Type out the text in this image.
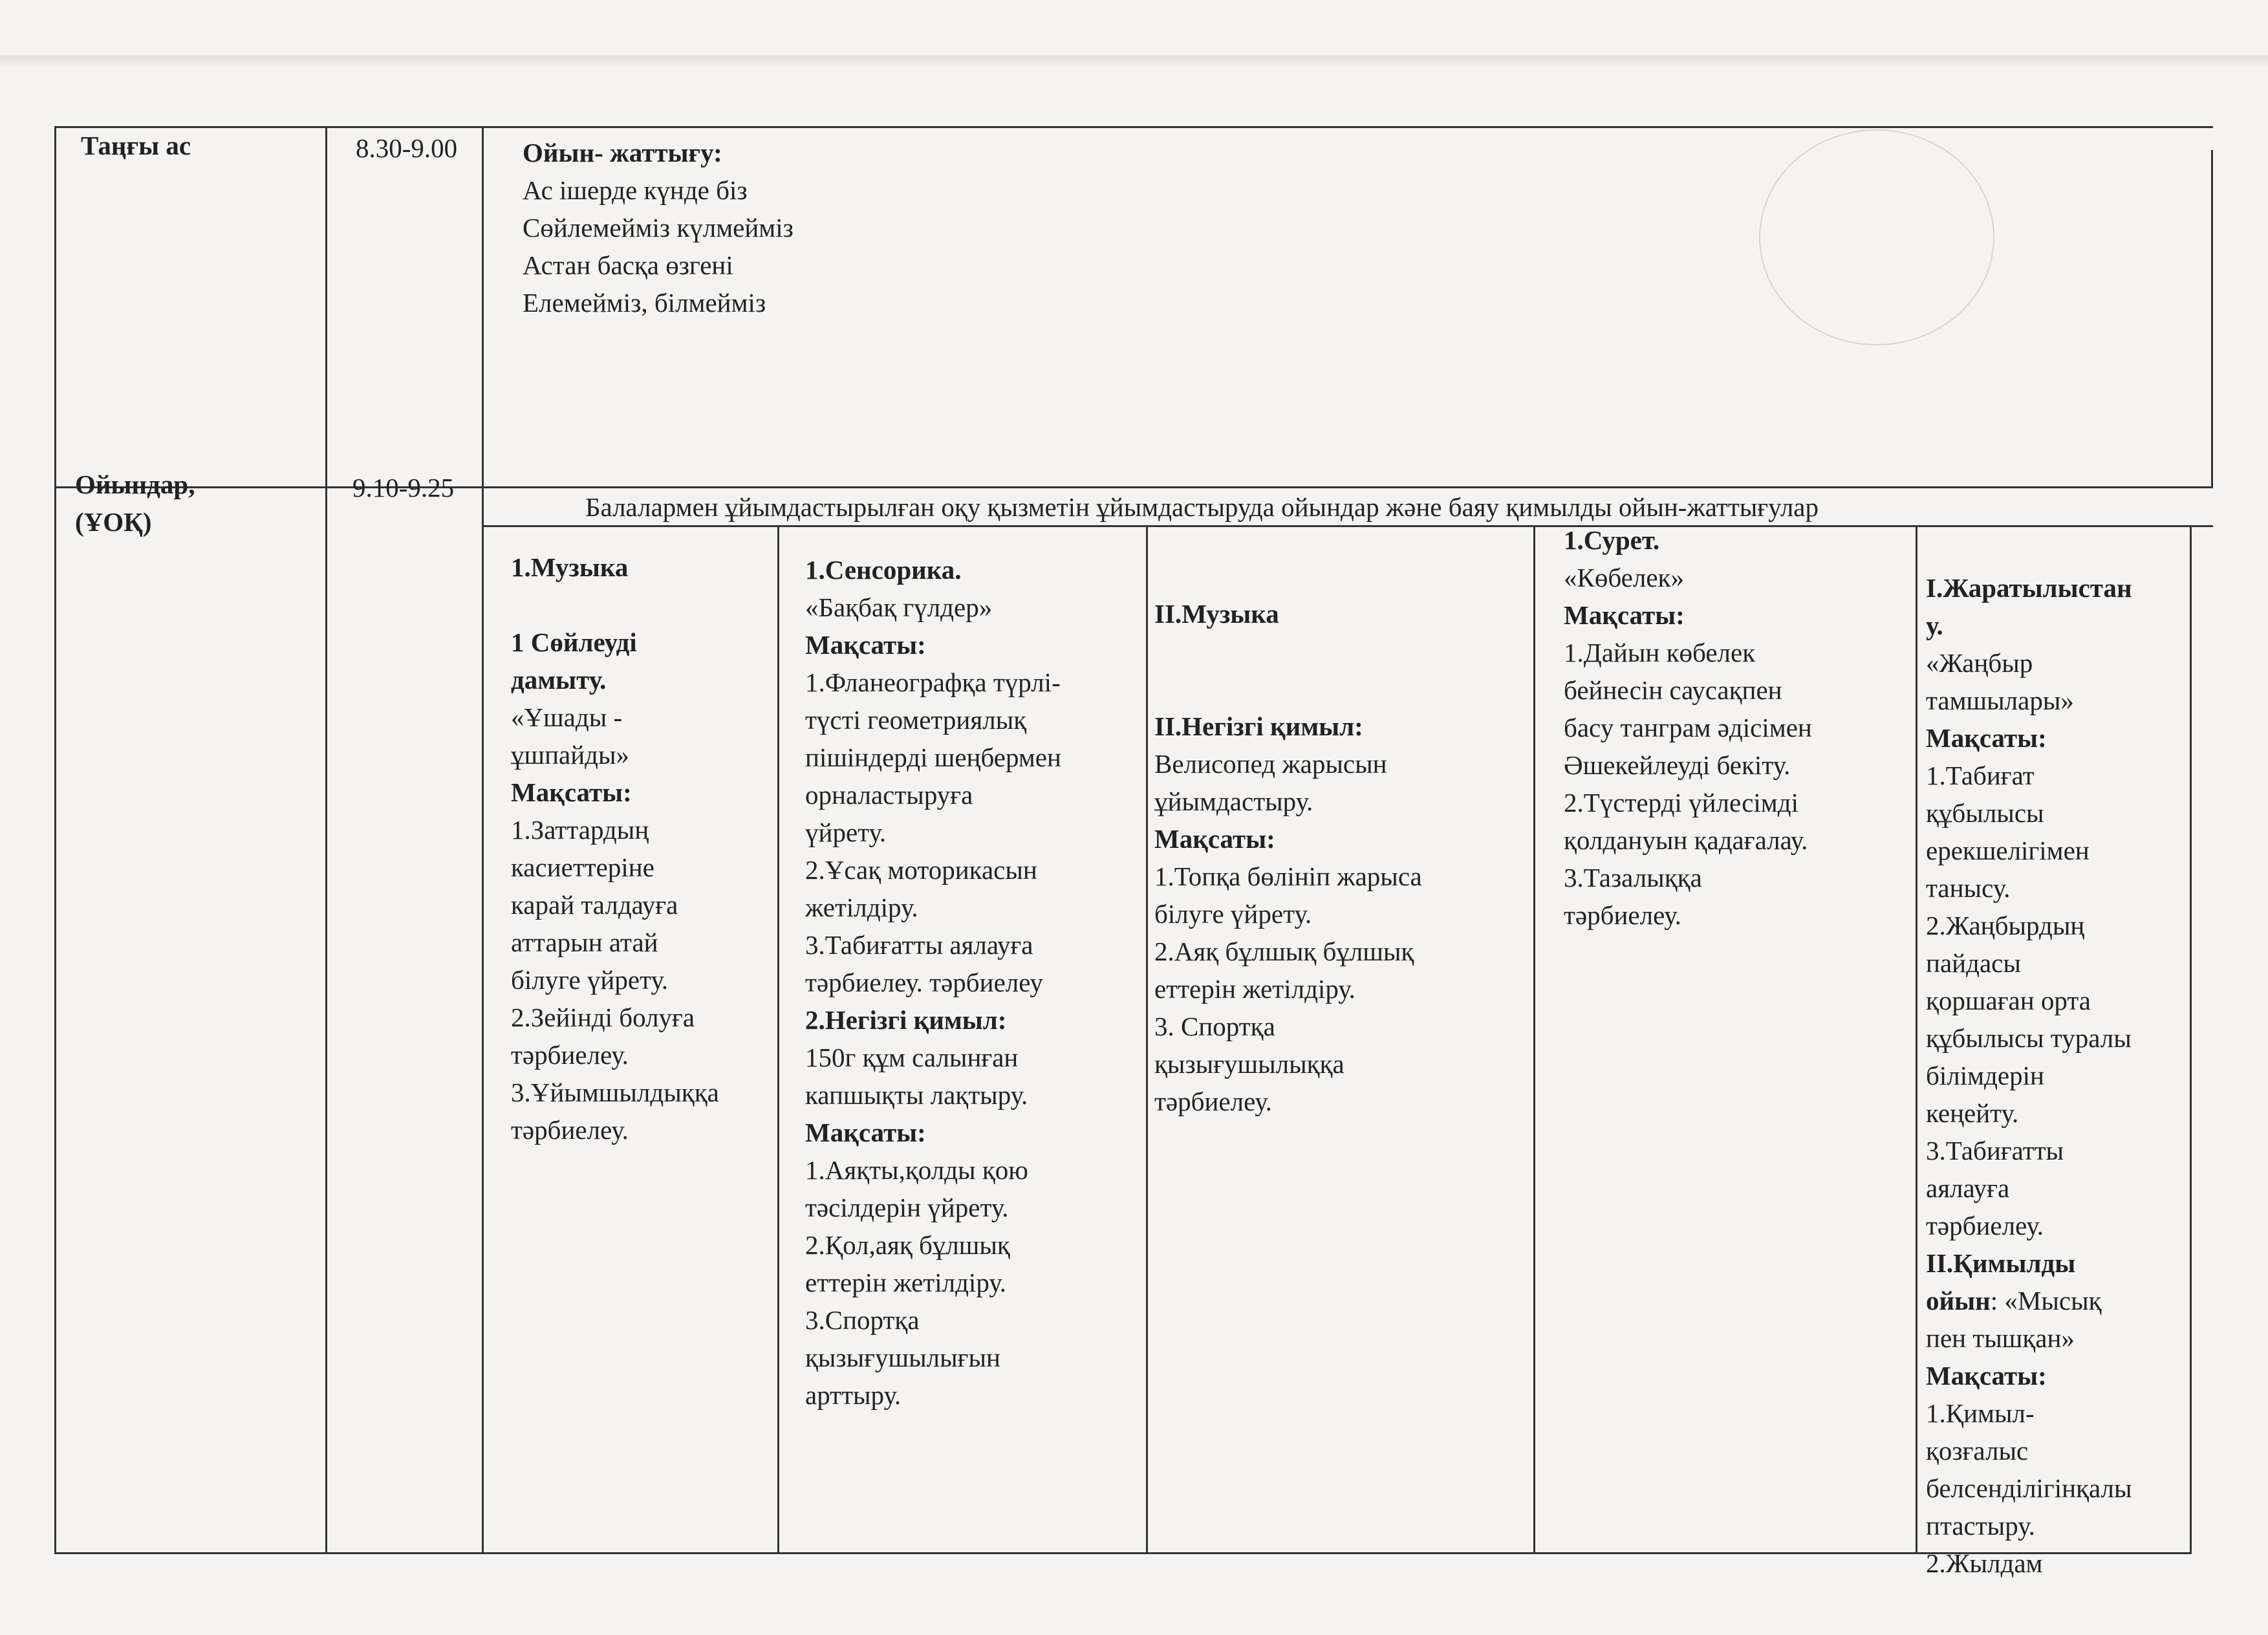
Таңғы ас	8.30-9.00 Ойын- жаттығу:
Ас ішерде күнде біз
Сөйлемейміз күлмейміз
Астан басқа өзгені
Елемейміз, білмейміз
Ойындар,
(ҰОҚ)
9.10-9.25
Балалармен ұйымдастырылған оқу қызметін ұйымдастыруда ойындар және баяу қимылды ойын-жаттығулар
1.Музыка

1 Сөйлеуді
дамыту.
«Ұшады -
ұшпайды»
Мақсаты:
1.Заттардың
касиеттеріне
карай талдауға
аттарын атай
білуге үйрету.
2.Зейінді болуға
тәрбиелеу.
3.Ұйымшылдыққа
тәрбиелеу.
1.Сенсорика.
«Бақбақ гүлдер»
Мақсаты:
1.Фланеографқа түрлі-
түсті геометриялық
пішіндерді шеңбермен
орналастыруға
үйрету.
2.Ұсақ моторикасын
жетілдіру.
3.Табиғатты аялауға
тәрбиелеу. тәрбиелеу
2.Негізгі қимыл:
150г құм салынған
капшықты лақтыру.
Мақсаты:
1.Аяқты,қолды қою
тәсілдерін үйрету.
2.Қол,аяқ бұлшық
еттерін жетілдіру.
3.Спортқа
қызығушылығын
арттыру.
ІІ.Музыка

ІІ.Негізгі қимыл:
Велисопед жарысын
ұйымдастыру.
Мақсаты:
1.Топқа бөлініп жарыса
білуге үйрету.
2.Аяқ бұлшық бұлшық
еттерін жетілдіру.
3. Спортқа
қызығушылыққа
тәрбиелеу.
1.Сурет.
«Көбелек»
Мақсаты:
1.Дайын көбелек
бейнесін саусақпен
басу танграм әдісімен
Әшекейлеуді бекіту.
2.Түстерді үйлесімді
қолдануын қадағалау.
3.Тазалыққа
тәрбиелеу.
І.Жаратылыстан
у.
«Жаңбыр
тамшылары»
Мақсаты:
1.Табиғат
құбылысы
ерекшелігімен
танысу.
2.Жаңбырдың
пайдасы
қоршаған орта
құбылысы туралы
білімдерін
кеңейту.
3.Табиғатты
аялауға
тәрбиелеу.
ІІ.Қимылды
ойын: «Мысық
пен тышқан»
Мақсаты:
1.Қимыл-
қозғалыс
белсенділігінқалы
птастыру.
2.Жылдам
